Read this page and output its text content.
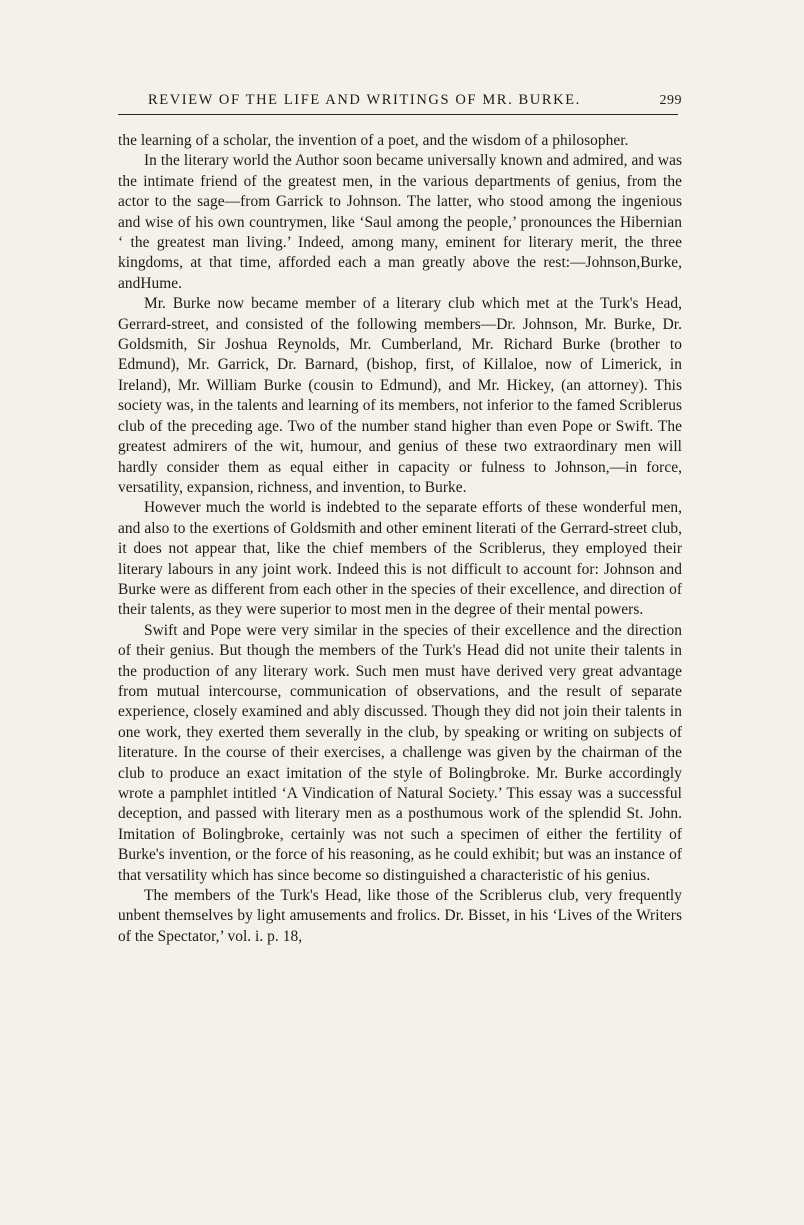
REVIEW OF THE LIFE AND WRITINGS OF MR. BURKE.	299

the learning of a scholar, the invention of a poet, and the wisdom of a philosopher.

In the literary world the Author soon became universally known and admired, and was the intimate friend of the greatest men, in the various departments of genius, from the actor to the sage—from Garrick to Johnson. The latter, who stood among the ingenious and wise of his own countrymen, like ‘Saul among the people,’ pronounces the Hibernian ‘ the greatest man living.’ Indeed, among many, eminent for literary merit, the three kingdoms, at that time, afforded each a man greatly above the rest:—Johnson,Burke, andHume.

Mr. Burke now became member of a literary club which met at the Turk's Head, Gerrard-street, and consisted of the following members—Dr. Johnson, Mr. Burke, Dr. Goldsmith, Sir Joshua Reynolds, Mr. Cumberland, Mr. Richard Burke (brother to Edmund), Mr. Garrick, Dr. Barnard, (bishop, first, of Killaloe, now of Limerick, in Ireland), Mr. William Burke (cousin to Edmund), and Mr. Hickey, (an attorney). This society was, in the talents and learning of its members, not inferior to the famed Scriblerus club of the preceding age. Two of the number stand higher than even Pope or Swift. The greatest admirers of the wit, humour, and genius of these two extraordinary men will hardly consider them as equal either in capacity or fulness to Johnson,—in force, versatility, expansion, richness, and invention, to Burke.

However much the world is indebted to the separate efforts of these wonderful men, and also to the exertions of Goldsmith and other eminent literati of the Gerrard-street club, it does not appear that, like the chief members of the Scriblerus, they employed their literary labours in any joint work. Indeed this is not difficult to account for: Johnson and Burke were as different from each other in the species of their excellence, and direction of their talents, as they were superior to most men in the degree of their mental powers.

Swift and Pope were very similar in the species of their excellence and the direction of their genius. But though the members of the Turk's Head did not unite their talents in the production of any literary work. Such men must have derived very great advantage from mutual intercourse, communication of observations, and the result of separate experience, closely examined and ably discussed. Though they did not join their talents in one work, they exerted them severally in the club, by speaking or writing on subjects of literature. In the course of their exercises, a challenge was given by the chairman of the club to produce an exact imitation of the style of Bolingbroke. Mr. Burke accordingly wrote a pamphlet intitled ‘A Vindication of Natural Society.’ This essay was a successful deception, and passed with literary men as a posthumous work of the splendid St. John. Imitation of Bolingbroke, certainly was not such a specimen of either the fertility of Burke's invention, or the force of his reasoning, as he could exhibit; but was an instance of that versatility which has since become so distinguished a characteristic of his genius.

The members of the Turk's Head, like those of the Scriblerus club, very frequently unbent themselves by light amusements and frolics. Dr. Bisset, in his ‘Lives of the Writers of the Spectator,’ vol. i. p. 18,
